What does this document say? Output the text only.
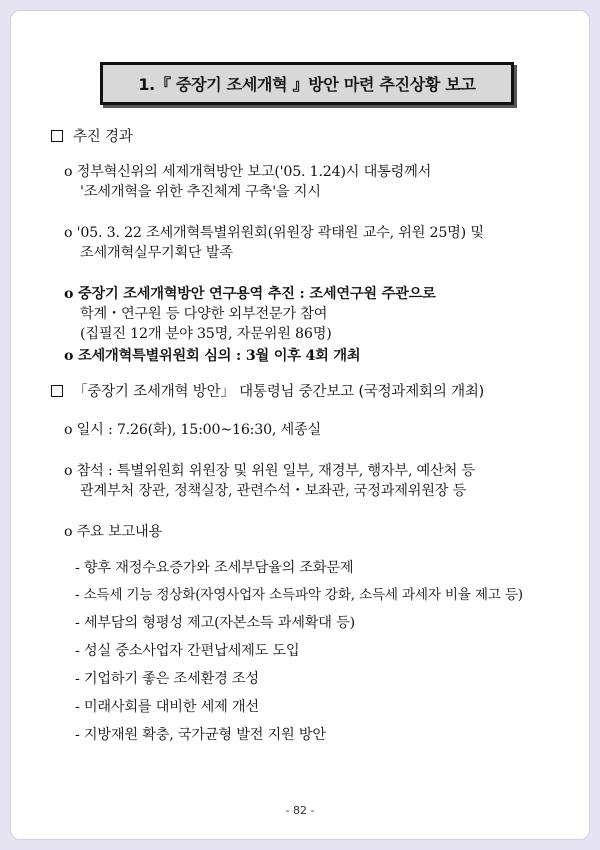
1.『 중장기 조세개혁 』방안 마련 추진상황 보고
추진 경과
o 정부혁신위의 세제개혁방안 보고('05. 1.24)시 대통령께서
'조세개혁을 위한 추진체계 구축'을 지시
o '05. 3. 22 조세개혁특별위원회(위원장 곽태원 교수, 위원 25명) 및
조세개혁실무기획단 발족
o 중장기 조세개혁방안 연구용역 추진 : 조세연구원 주관으로
학계・연구원 등 다양한 외부전문가 참여
(집필진 12개 분야 35명, 자문위원 86명)
o 조세개혁특별위원회 심의 : 3월 이후 4회 개최
「중장기 조세개혁 방안」 대통령님 중간보고 (국정과제회의 개최)
o 일시 : 7.26(화), 15:00~16:30, 세종실
o 참석 : 특별위원회 위원장 및 위원 일부, 재경부, 행자부, 예산처 등
관계부처 장관, 정책실장, 관련수석・보좌관, 국정과제위원장 등
o 주요 보고내용
- 향후 재정수요증가와 조세부담율의 조화문제
- 소득세 기능 정상화(자영사업자 소득파악 강화, 소득세 과세자 비율 제고 등)
- 세부담의 형평성 제고(자본소득 과세확대 등)
- 성실 중소사업자 간편납세제도 도입
- 기업하기 좋은 조세환경 조성
- 미래사회를 대비한 세제 개선
- 지방재원 확충, 국가균형 발전 지원 방안
- 82 -
